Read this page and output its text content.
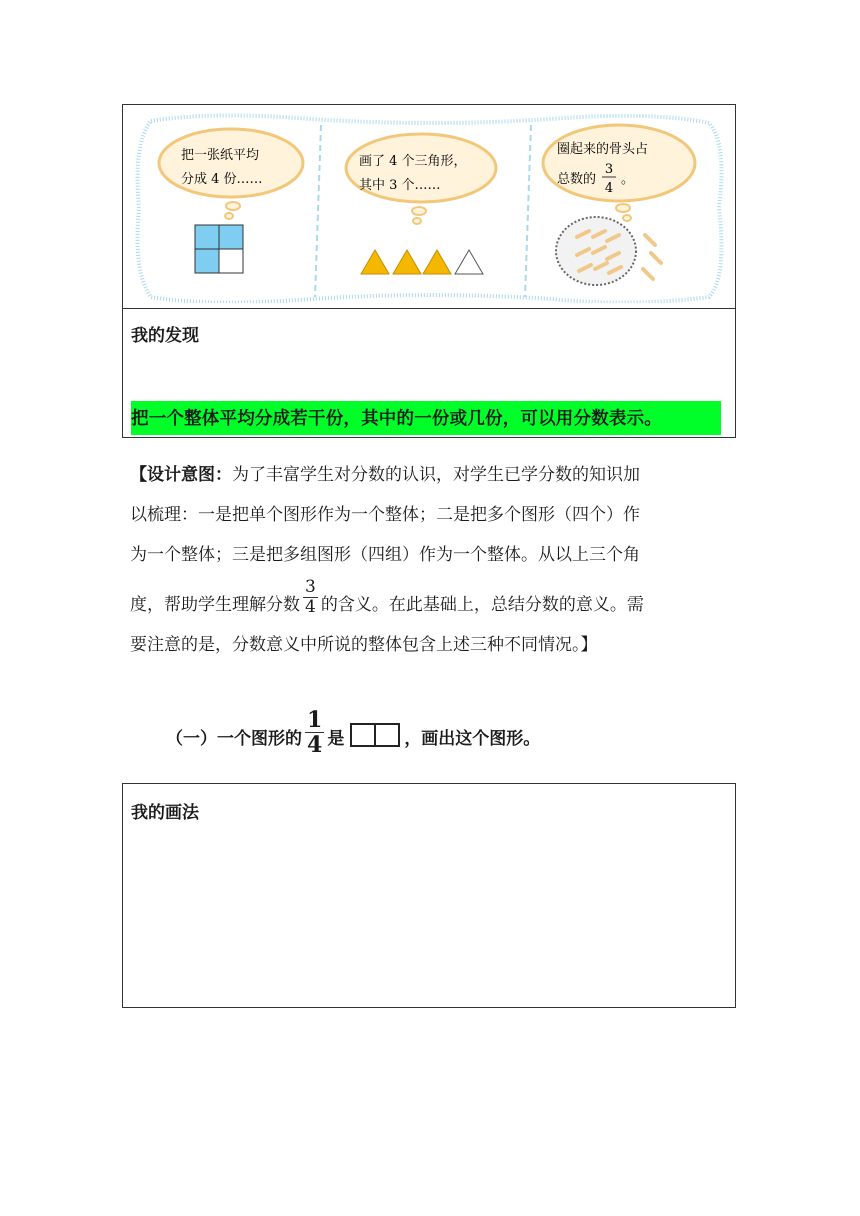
把一张纸平均
分成 4 份……
画了 4 个三角形，
其中 3 个……
圈起来的骨头占
总数的
3
4
。
我的发现
把一个整体平均分成若干份，其中的一份或几份，可以用分数表示。
【设计意图：为了丰富学生对分数的认识，对学生已学分数的知识加
以梳理：一是把单个图形作为一个整体；二是把多个图形（四个）作
为一个整体；三是把多组图形（四组）作为一个整体。从以上三个角
度，帮助学生理解分数 $\frac{3}{4}$ 的含义。在此基础上，总结分数的意义。需
要注意的是，分数意义中所说的整体包含上述三种不同情况。】
（一）一个图形的 $\frac{1}{4}$ 是	，画出这个图形。
我的画法
